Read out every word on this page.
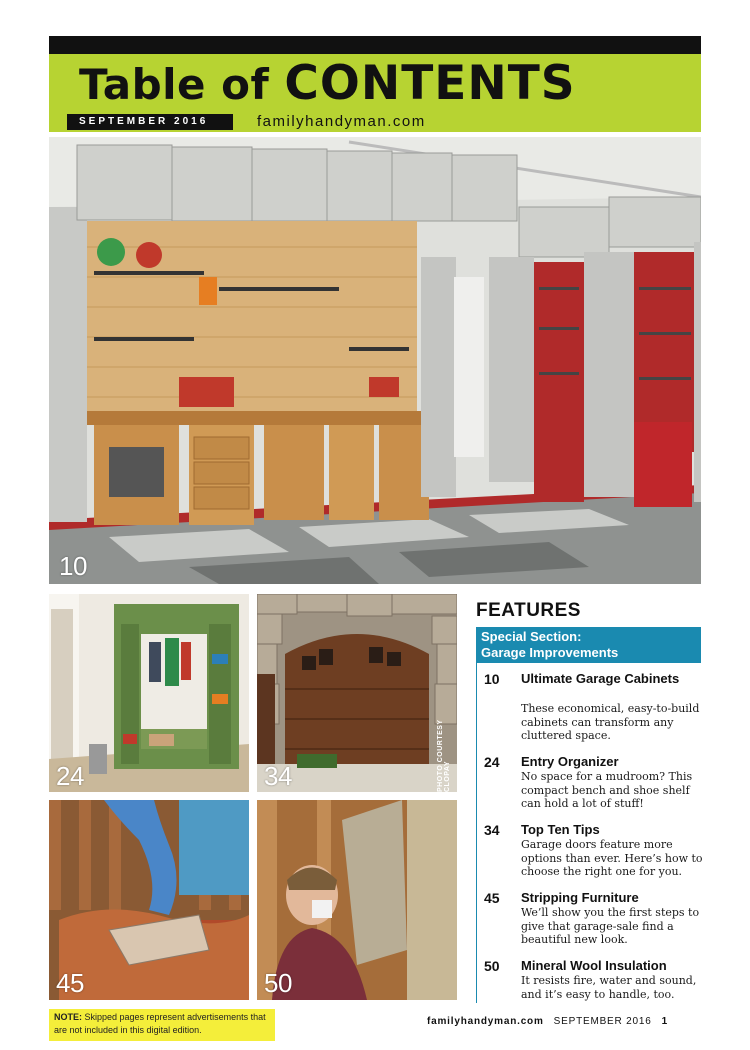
Table of CONTENTS
SEPTEMBER 2016	familyhandyman.com
10
24	PHOTO COURTESY CLOPAY
34
45	50
FEATURES
Special Section:
Garage Improvements
10 Ultimate Garage Cabinets
These economical, easy-to-build cabinets can transform any cluttered space.
24 Entry Organizer
No space for a mudroom? This compact bench and shoe shelf can hold a lot of stuff!
34 Top Ten Tips
Garage doors feature more options than ever. Here’s how to choose the right one for you.
45 Stripping Furniture
We’ll show you the first steps to give that garage-sale find a beautiful new look.
50 Mineral Wool Insulation
It resists fire, water and sound, and it’s easy to handle, too.
NOTE: Skipped pages represent advertisements that are not included in this digital edition.
familyhandyman.com SEPTEMBER 2016 1
